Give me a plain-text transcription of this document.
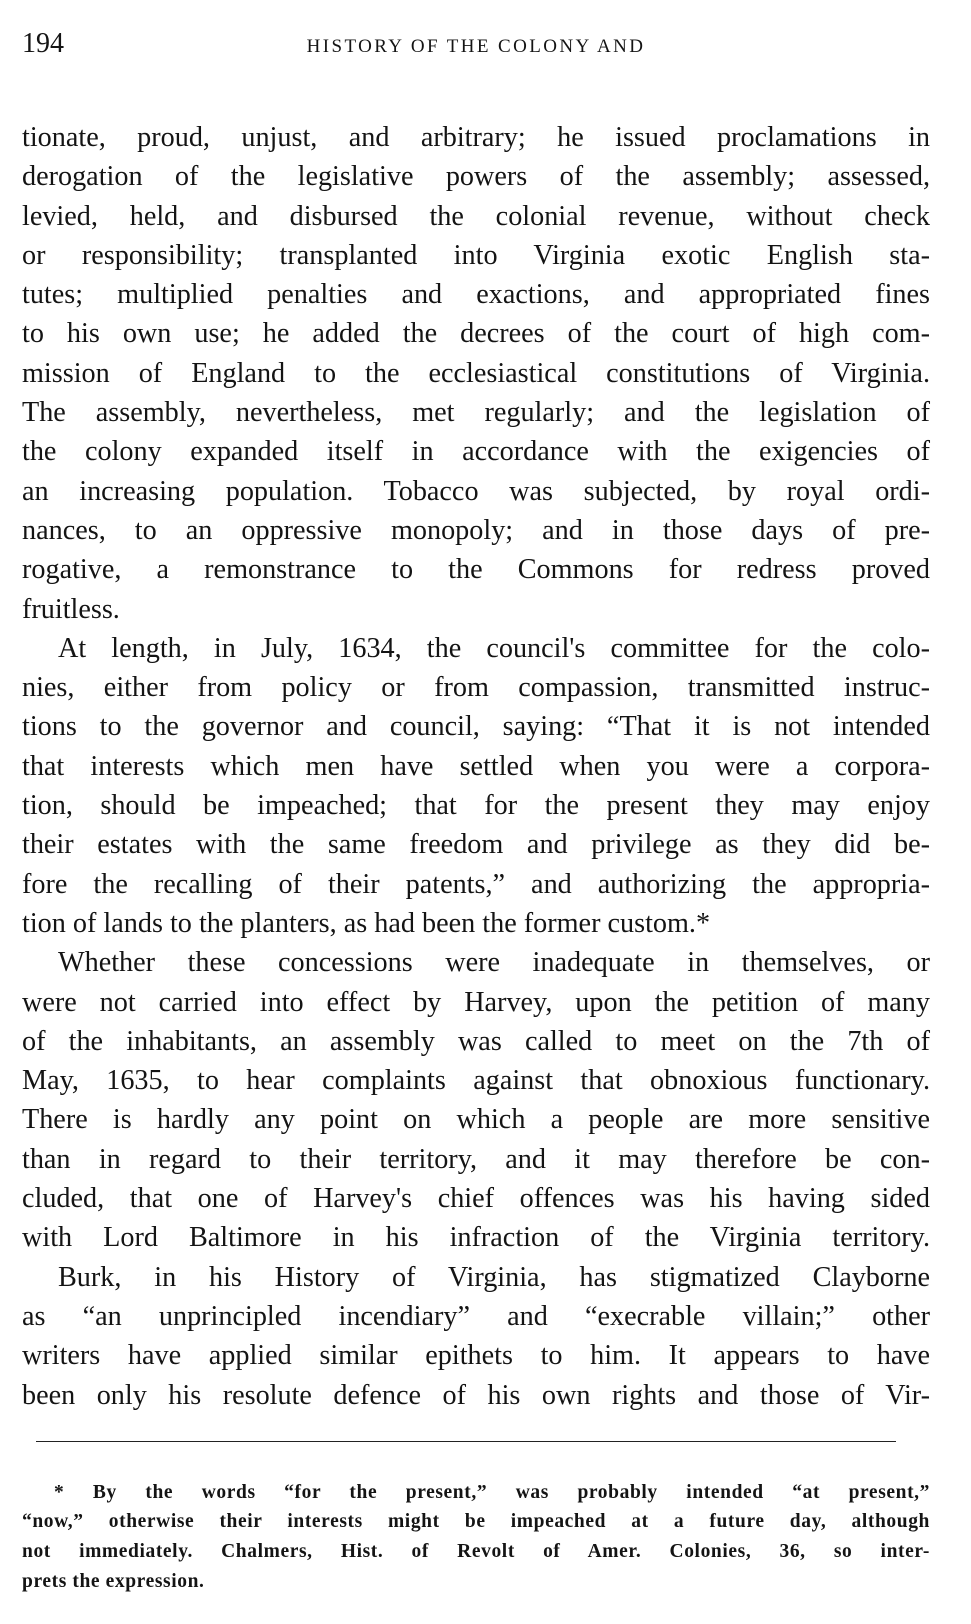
194	HISTORY OF THE COLONY AND
tionate, proud, unjust, and arbitrary; he issued proclamations in
derogation of the legislative powers of the assembly; assessed,
levied, held, and disbursed the colonial revenue, without check
or responsibility; transplanted into Virginia exotic English sta-
tutes; multiplied penalties and exactions, and appropriated fines
to his own use; he added the decrees of the court of high com-
mission of England to the ecclesiastical constitutions of Virginia.
The assembly, nevertheless, met regularly; and the legislation of
the colony expanded itself in accordance with the exigencies of
an increasing population. Tobacco was subjected, by royal ordi-
nances, to an oppressive monopoly; and in those days of pre-
rogative, a remonstrance to the Commons for redress proved
fruitless.
At length, in July, 1634, the council's committee for the colo-
nies, either from policy or from compassion, transmitted instruc-
tions to the governor and council, saying: “That it is not intended
that interests which men have settled when you were a corpora-
tion, should be impeached; that for the present they may enjoy
their estates with the same freedom and privilege as they did be-
fore the recalling of their patents,” and authorizing the appropria-
tion of lands to the planters, as had been the former custom.*
Whether these concessions were inadequate in themselves, or
were not carried into effect by Harvey, upon the petition of many
of the inhabitants, an assembly was called to meet on the 7th of
May, 1635, to hear complaints against that obnoxious functionary.
There is hardly any point on which a people are more sensitive
than in regard to their territory, and it may therefore be con-
cluded, that one of Harvey's chief offences was his having sided
with Lord Baltimore in his infraction of the Virginia territory.
Burk, in his History of Virginia, has stigmatized Clayborne
as “an unprincipled incendiary” and “execrable villain;” other
writers have applied similar epithets to him. It appears to have
been only his resolute defence of his own rights and those of Vir-
* By the words “for the present,” was probably intended “at present,”
“now,” otherwise their interests might be impeached at a future day, although
not immediately. Chalmers, Hist. of Revolt of Amer. Colonies, 36, so inter-
prets the expression.
